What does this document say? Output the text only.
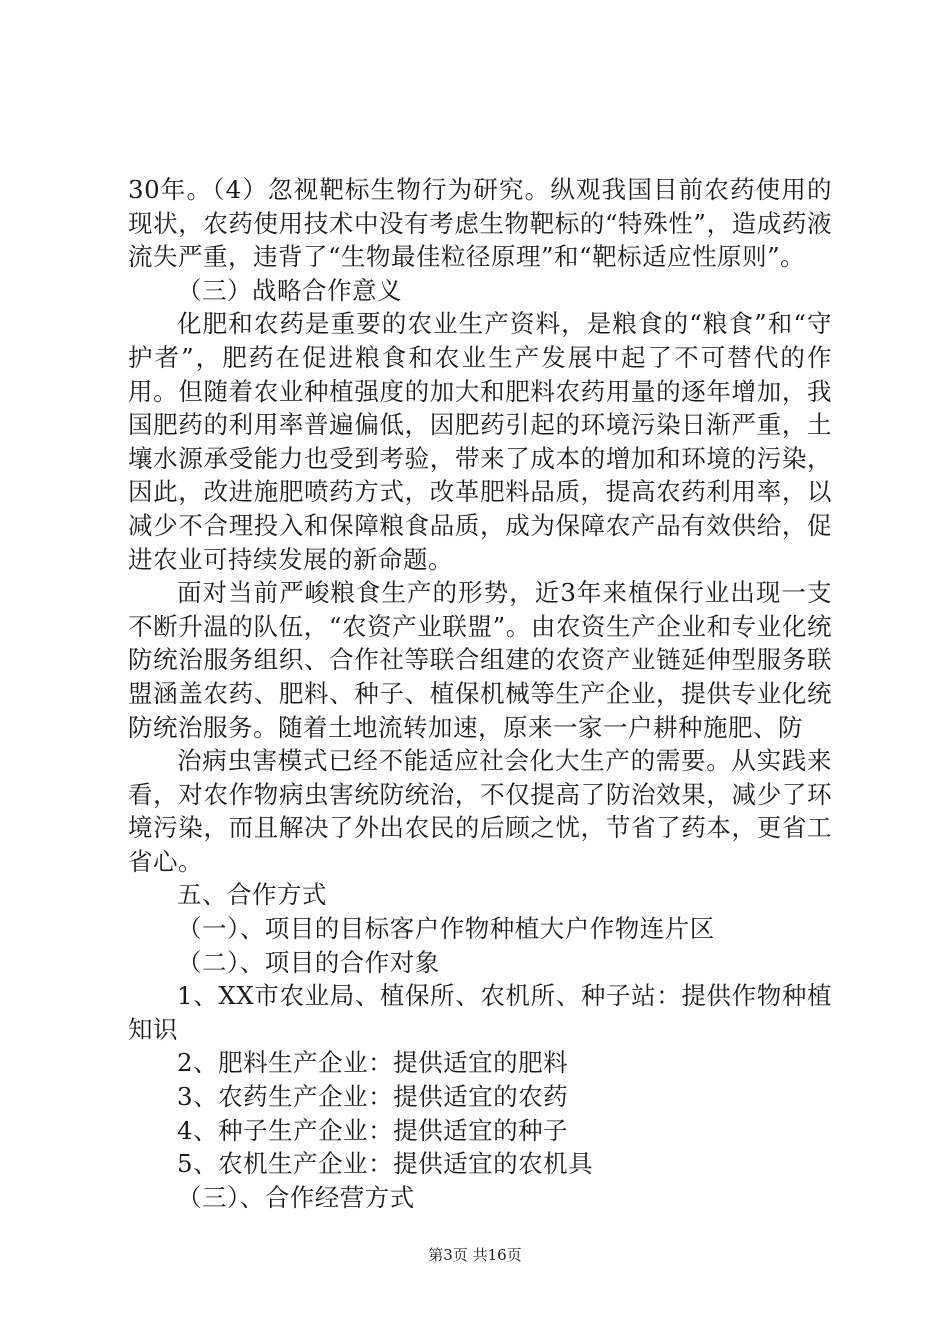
30年。（4）忽视靶标生物行为研究。纵观我国目前农药使用的现状，农药使用技术中没有考虑生物靶标的“特殊性”，造成药液流失严重，违背了“生物最佳粒径原理”和“靶标适应性原则”。

（三）战略合作意义

化肥和农药是重要的农业生产资料，是粮食的“粮食”和“守护者”，肥药在促进粮食和农业生产发展中起了不可替代的作用。但随着农业种植强度的加大和肥料农药用量的逐年增加，我国肥药的利用率普遍偏低，因肥药引起的环境污染日渐严重，土壤水源承受能力也受到考验，带来了成本的增加和环境的污染，因此，改进施肥喷药方式，改革肥料品质，提高农药利用率，以减少不合理投入和保障粮食品质，成为保障农产品有效供给，促进农业可持续发展的新命题。

面对当前严峻粮食生产的形势，近3年来植保行业出现一支不断升温的队伍，“农资产业联盟”。由农资生产企业和专业化统防统治服务组织、合作社等联合组建的农资产业链延伸型服务联盟涵盖农药、肥料、种子、植保机械等生产企业，提供专业化统防统治服务。随着土地流转加速，原来一家一户耕种施肥、防

治病虫害模式已经不能适应社会化大生产的需要。从实践来看，对农作物病虫害统防统治，不仅提高了防治效果，减少了环境污染，而且解决了外出农民的后顾之忧，节省了药本，更省工省心。

五、合作方式

（一）、项目的目标客户作物种植大户作物连片区

（二）、项目的合作对象

1、XX市农业局、植保所、农机所、种子站：提供作物种植知识

2、肥料生产企业：提供适宜的肥料

3、农药生产企业：提供适宜的农药

4、种子生产企业：提供适宜的种子

5、农机生产企业：提供适宜的农机具

（三）、合作经营方式

第3页 共16页
